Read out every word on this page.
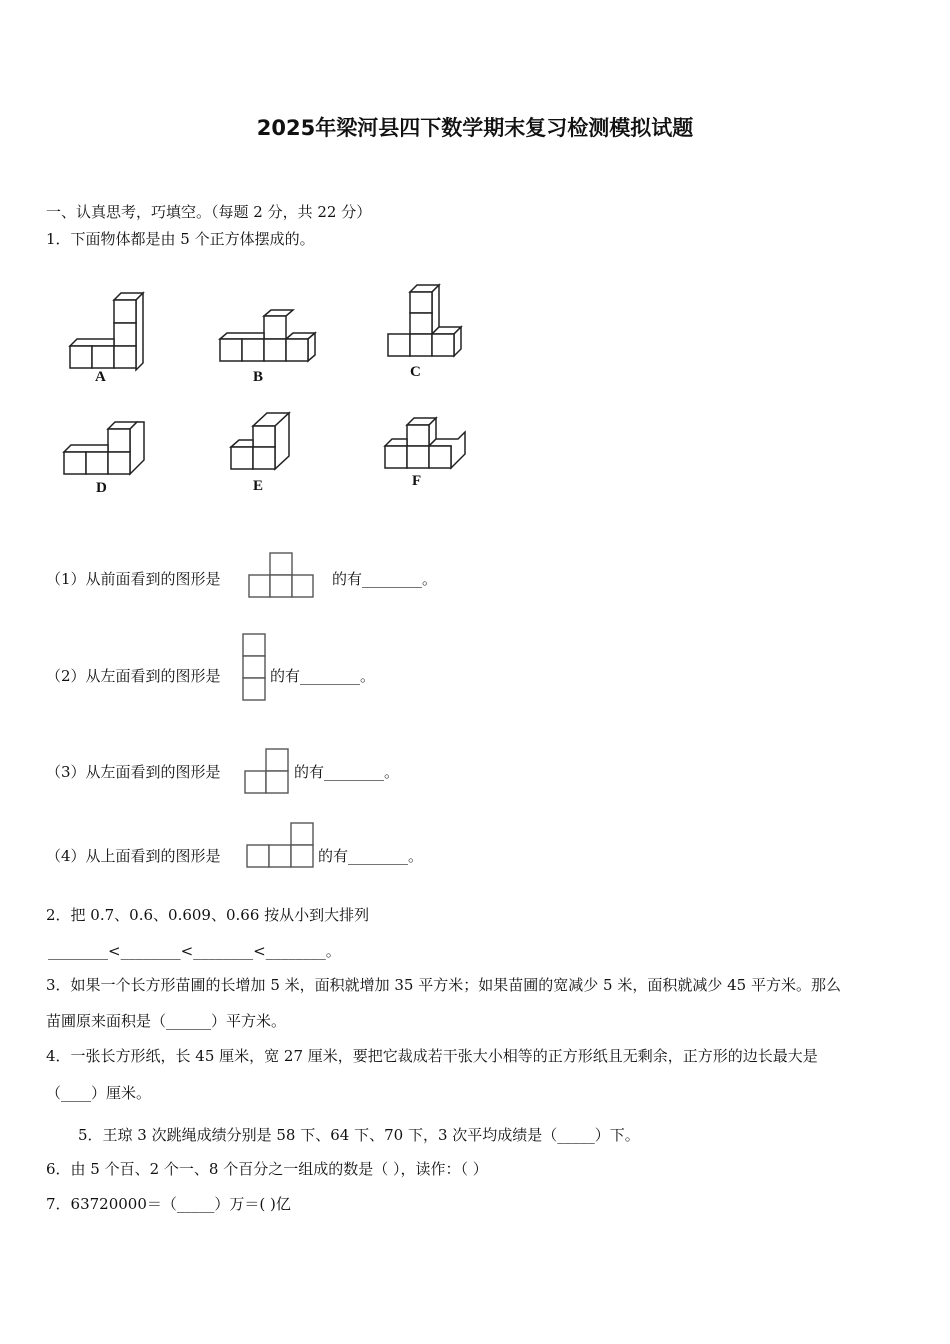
2025年梁河县四下数学期末复习检测模拟试题
一、认真思考，巧填空。（每题 2 分，共 22 分）
1．下面物体都是由 5 个正方体摆成的。
A	B	C
D	E	F
（1）从前面看到的图形是	的有________。
（2）从左面看到的图形是	的有________。
（3）从左面看到的图形是	的有________。
（4）从上面看到的图形是	的有________。
2．把 0.7、0.6、0.609、0.66 按从小到大排列
________<________<________<________。
3．如果一个长方形苗圃的长增加 5 米，面积就增加 35 平方米；如果苗圃的宽减少 5 米，面积就减少 45 平方米。那么
苗圃原来面积是（______）平方米。
4．一张长方形纸，长 45 厘米，宽 27 厘米，要把它裁成若干张大小相等的正方形纸且无剩余，正方形的边长最大是
（____）厘米。
5．王琼 3 次跳绳成绩分别是 58 下、64 下、70 下，3 次平均成绩是（_____）下。
6．由 5 个百、2 个一、8 个百分之一组成的数是（ ），读作：（ ）
7．63720000＝（_____）万＝( )亿
